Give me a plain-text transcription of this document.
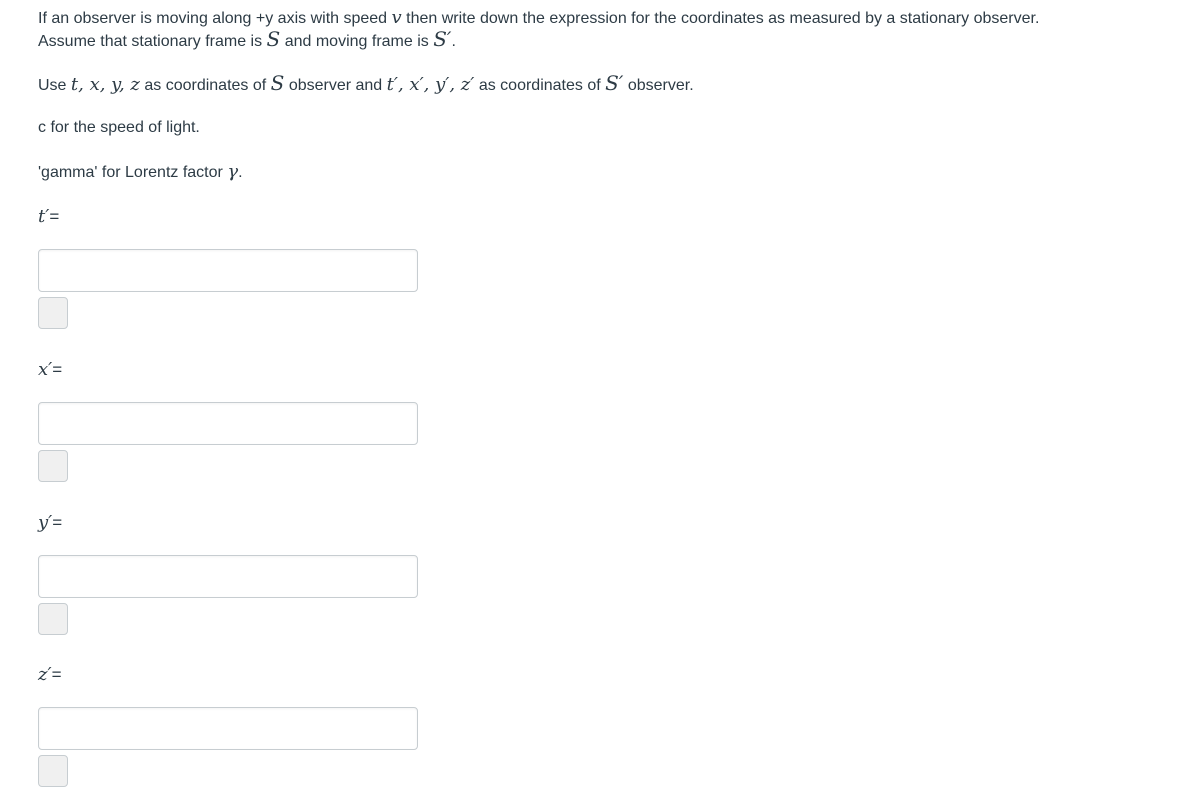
If an observer is moving along +y axis with speed v then write down the expression for the coordinates as measured by a stationary observer.
Assume that stationary frame is S and moving frame is S′.
Use t, x, y, z as coordinates of S observer and t′, x′, y′, z′ as coordinates of S′ observer.
c for the speed of light.
'gamma' for Lorentz factor γ.
t′=
x′=
y′=
z′=
